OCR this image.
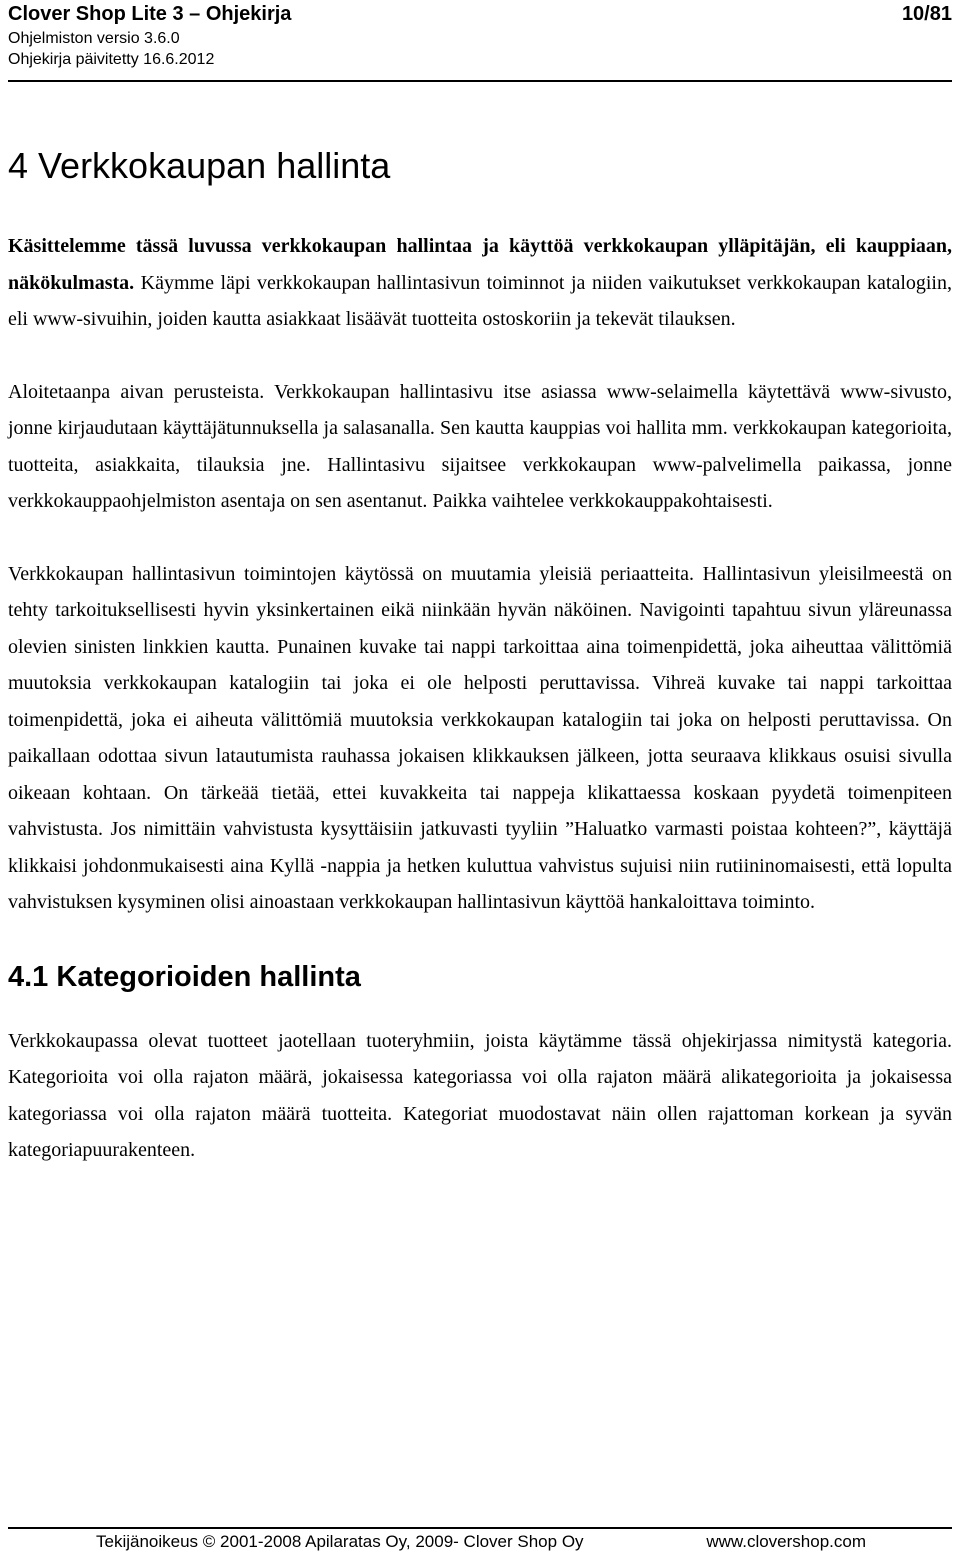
Clover Shop Lite 3 – Ohjekirja	10/81
Ohjelmiston versio 3.6.0
Ohjekirja päivitetty 16.6.2012
4 Verkkokaupan hallinta

Käsittelemme tässä luvussa verkkokaupan hallintaa ja käyttöä verkkokaupan ylläpitäjän, eli kauppiaan, näkökulmasta. Käymme läpi verkkokaupan hallintasivun toiminnot ja niiden vaikutukset verkkokaupan katalogiin, eli www-sivuihin, joiden kautta asiakkaat lisäävät tuotteita ostoskoriin ja tekevät tilauksen.

Aloitetaanpa aivan perusteista. Verkkokaupan hallintasivu itse asiassa www-selaimella käytettävä www-sivusto, jonne kirjaudutaan käyttäjätunnuksella ja salasanalla. Sen kautta kauppias voi hallita mm. verkkokaupan kategorioita, tuotteita, asiakkaita, tilauksia jne. Hallintasivu sijaitsee verkkokaupan www-palvelimella paikassa, jonne verkkokauppaohjelmiston asentaja on sen asentanut. Paikka vaihtelee verkkokauppakohtaisesti.

Verkkokaupan hallintasivun toimintojen käytössä on muutamia yleisiä periaatteita. Hallintasivun yleisilmeestä on tehty tarkoituksellisesti hyvin yksinkertainen eikä niinkään hyvän näköinen. Navigointi tapahtuu sivun yläreunassa olevien sinisten linkkien kautta. Punainen kuvake tai nappi tarkoittaa aina toimenpidettä, joka aiheuttaa välittömiä muutoksia verkkokaupan katalogiin tai joka ei ole helposti peruttavissa. Vihreä kuvake tai nappi tarkoittaa toimenpidettä, joka ei aiheuta välittömiä muutoksia verkkokaupan katalogiin tai joka on helposti peruttavissa. On paikallaan odottaa sivun latautumista rauhassa jokaisen klikkauksen jälkeen, jotta seuraava klikkaus osuisi sivulla oikeaan kohtaan. On tärkeää tietää, ettei kuvakkeita tai nappeja klikattaessa koskaan pyydetä toimenpiteen vahvistusta. Jos nimittäin vahvistusta kysyttäisiin jatkuvasti tyyliin ”Haluatko varmasti poistaa kohteen?”, käyttäjä klikkaisi johdonmukaisesti aina Kyllä -nappia ja hetken kuluttua vahvistus sujuisi niin rutiininomaisesti, että lopulta vahvistuksen kysyminen olisi ainoastaan verkkokaupan hallintasivun käyttöä hankaloittava toiminto.

4.1 Kategorioiden hallinta

Verkkokaupassa olevat tuotteet jaotellaan tuoteryhmiin, joista käytämme tässä ohjekirjassa nimitystä kategoria. Kategorioita voi olla rajaton määrä, jokaisessa kategoriassa voi olla rajaton määrä alikategorioita ja jokaisessa kategoriassa voi olla rajaton määrä tuotteita. Kategoriat muodostavat näin ollen rajattoman korkean ja syvän kategoriapuurakenteen.

Tekijänoikeus © 2001-2008 Apilaratas Oy, 2009- Clover Shop Oy	www.clovershop.com
